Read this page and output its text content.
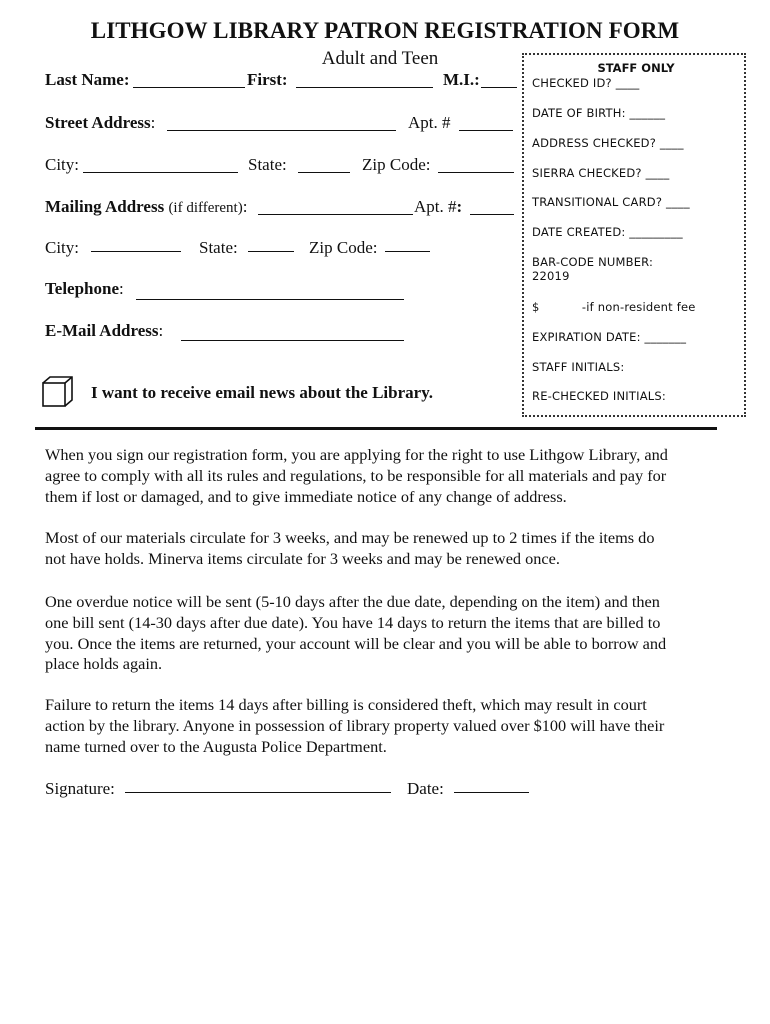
LITHGOW LIBRARY PATRON REGISTRATION FORM
Adult and Teen
Last Name:	First:	M.I.:
Street Address:	Apt. #
City:	State:	Zip Code:
Mailing Address (if different):	Apt. #:
City:	State:	Zip Code:
Telephone:
E-Mail Address:
I want to receive email news about the Library.
STAFF ONLY
CHECKED ID? ____
DATE OF BIRTH: ______
ADDRESS CHECKED? ____
SIERRA CHECKED? ____
TRANSITIONAL CARD? ____
DATE CREATED: _________
BAR-CODE NUMBER:
22019
$           -if non-resident fee
EXPIRATION DATE: _______
STAFF INITIALS:
RE-CHECKED INITIALS:

When you sign our registration form, you are applying for the right to use Lithgow Library, and

agree to comply with all its rules and regulations, to be responsible for all materials and pay for

them if lost or damaged, and to give immediate notice of any change of address.

Most of our materials circulate for 3 weeks, and may be renewed up to 2 times if the items do

not have holds. Minerva items circulate for 3 weeks and may be renewed once.

One overdue notice will be sent (5-10 days after the due date, depending on the item) and then

one bill sent (14-30 days after due date). You have 14 days to return the items that are billed to

you. Once the items are returned, your account will be clear and you will be able to borrow and

place holds again.

Failure to return the items 14 days after billing is considered theft, which may result in court

action by the library. Anyone in possession of library property valued over $100 will have their

name turned over to the Augusta Police Department.

Signature:	Date:
